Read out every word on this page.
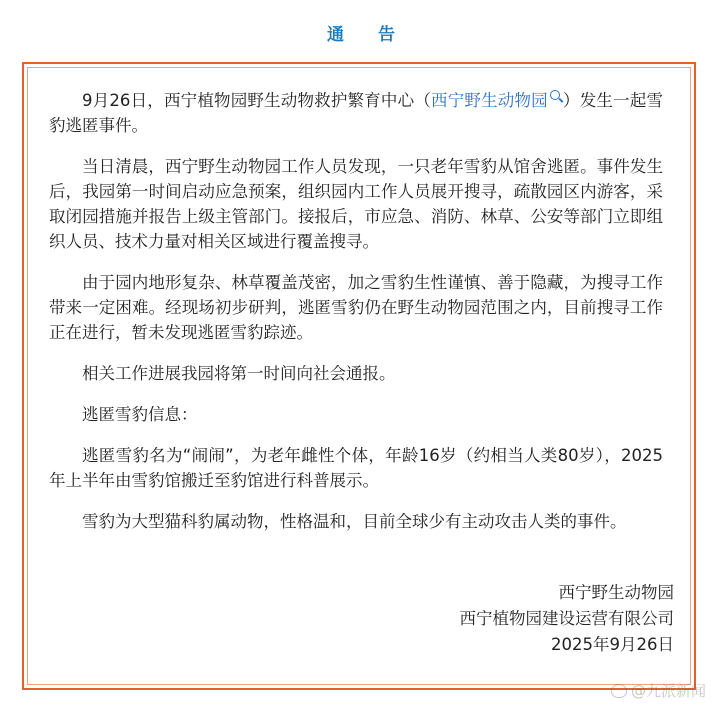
通 告

9月26日，西宁植物园野生动物救护繁育中心（西宁野生动物园 ）发生一起雪豹逃匿事件。

当日清晨，西宁野生动物园工作人员发现，一只老年雪豹从馆舍逃匿。事件发生后，我园第一时间启动应急预案，组织园内工作人员展开搜寻，疏散园区内游客，采取闭园措施并报告上级主管部门。接报后，市应急、消防、林草、公安等部门立即组织人员、技术力量对相关区域进行覆盖搜寻。

由于园内地形复杂、林草覆盖茂密，加之雪豹生性谨慎、善于隐藏，为搜寻工作带来一定困难。经现场初步研判，逃匿雪豹仍在野生动物园范围之内，目前搜寻工作正在进行，暂未发现逃匿雪豹踪迹。

相关工作进展我园将第一时间向社会通报。

逃匿雪豹信息：

逃匿雪豹名为“闹闹”，为老年雌性个体，年龄16岁（约相当人类80岁），2025年上半年由雪豹馆搬迁至豹馆进行科普展示。

雪豹为大型猫科豹属动物，性格温和，目前全球少有主动攻击人类的事件。

西宁野生动物园
西宁植物园建设运营有限公司
2025年9月26日
@九派新闻
